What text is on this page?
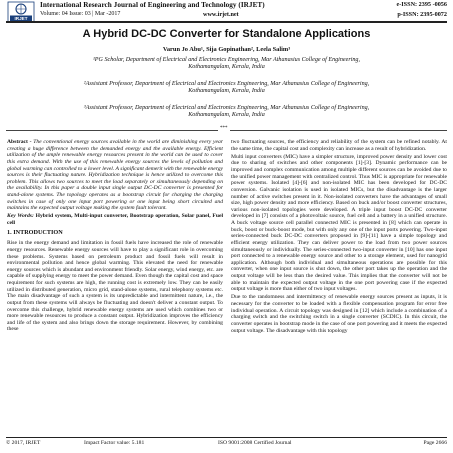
IRJET
International Research Journal of Engineering and Technology (IRJET)
Volume: 04 Issue: 03 | Mar -2017	www.irjet.net
e-ISSN: 2395 -0056
p-ISSN: 2395-0072
A Hybrid DC-DC Converter for Standalone Applications
Varun Jo Abu¹, Sija Gopinathan², Leela Salim³
¹PG Scholar, Department of Electrical and Electronics Engineering, Mar Athanasius College of Engineering,
Kothamangalam, Kerala, India
²Assistant Professor, Department of Electrical and Electronics Engineering, Mar Athanasius College of Engineering,
Kothamangalam, Kerala, India
³Assistant Professor, Department of Electrical and Electronics Engineering, Mar Athanasius College of Engineering,
Kothamangalam, Kerala, India
***

Abstract - The conventional energy sources available in the world are diminishing every year creating a huge difference between the demanded energy and the available energy. Efficient utilization of the ample renewable energy resources present in the world can be used to cover this extra demand. With the use of this renewable energy sources the levels of pollution and global warming can controlled to a lower level. A significant demerit with the renewable energy sources is their fluctuating nature. Hybridization technique is hence utilized to overcome this problem. This allows two sources to meet the load separately or simultaneously depending on the availability. In this paper a double input single output DC-DC converter is presented for stand-alone systems. The topology operates as a bootstrap circuit for charging the charging switches in case of only one input port powering or one input being short circuited and maintains the expected output voltage making the system fault tolerant.

Key Words: Hybrid system, Multi-input converter, Bootstrap operation, Solar panel, Fuel cell

1. INTRODUCTION

Rise in the energy demand and limitation in fossil fuels have increased the role of renewable energy resources. Renewable energy sources will have to play a significant role in overcoming these problems. Systems based on petroleum product and fossil fuels will result in environmental pollution and hence global warming. This elevated the need for renewable energy sources which is abundant and environment friendly. Solar energy, wind energy, etc. are capable of supplying energy to meet the power demand. Even though the capital cost and space requirement for such systems are high, the running cost is extremely low. They can be easily utilized in distributed generation, micro grid, stand-alone systems, rural telephony systems etc. The main disadvantage of such a system is its unpredictable and intermittent nature, i.e., the output from these systems will always be fluctuating and doesn't deliver a constant output. To overcome this challenge, hybrid renewable energy systems are used which combines two or more renewable resources to produce a constant output. Hybridization improves the efficiency and life of the system and also brings down the storage requirement. However, by combining these

two fluctuating sources, the efficiency and reliability of the system can be refined notably. At the same time, the capital cost and complexity can increase as a result of hybridization.

Multi input converters (MIC) have a simpler structure, improved power density and lower cost due to sharing of switches and other components [1]-[3]. Dynamic performance can be improved and complex communication among multiple different sources can be avoided due to the unified power management with centralized control. Thus MIC is appropriate for renewable power systems. Isolated [4]-[6] and non-isolated MIC has been developed for DC-DC conversion. Galvanic isolation is used in isolated MICs, but the disadvantage is the larger number of active switches present in it. Non-isolated converters have the advantages of small size, high power density and more efficiency. Based on buck and/or boost converter structures, various non-isolated topologies were developed. A triple input boost DC-DC converter developed in [7] consists of a photovoltaic source, fuel cell and a battery in a unified structure. A buck voltage source cell parallel connected MIC is presented in [8] which can operate in buck, boost or buck-boost mode, but with only any one of the input ports powering. Two-input series-connected buck DC-DC converters proposed in [9]-[11] have a simple topology and efficient energy utilization. They can deliver power to the load from two power sources simultaneously or individually. The series-connected two-input converter in [10] has one input port connected to a renewable energy source and other to a storage element, used for nanogrid application. Although both individual and simultaneous operations are possible for this converter, when one input source is shut down, the other port takes up the operation and the output voltage will be less than the desired value. This implies that the converter will not be able to maintain the expected output voltage in the one port powering case if the expected output voltage is more than either of two input voltages.

Due to the randomness and intermittency of renewable energy sources present as inputs, it is necessary for the converter to be loaded with a flexible compensation program for error free individual operation. A circuit topology was designed in [12] which include a combination of a charging switch and the switching switch in a single converter (SCDIC). In this circuit, the converter operates in bootstrap mode in the case of one port powering and it meets the expected output voltage. The disadvantage with this topology

© 2017, IRJET	Impact Factor value: 5.181	ISO 9001:2008 Certified Journal	Page 2666
